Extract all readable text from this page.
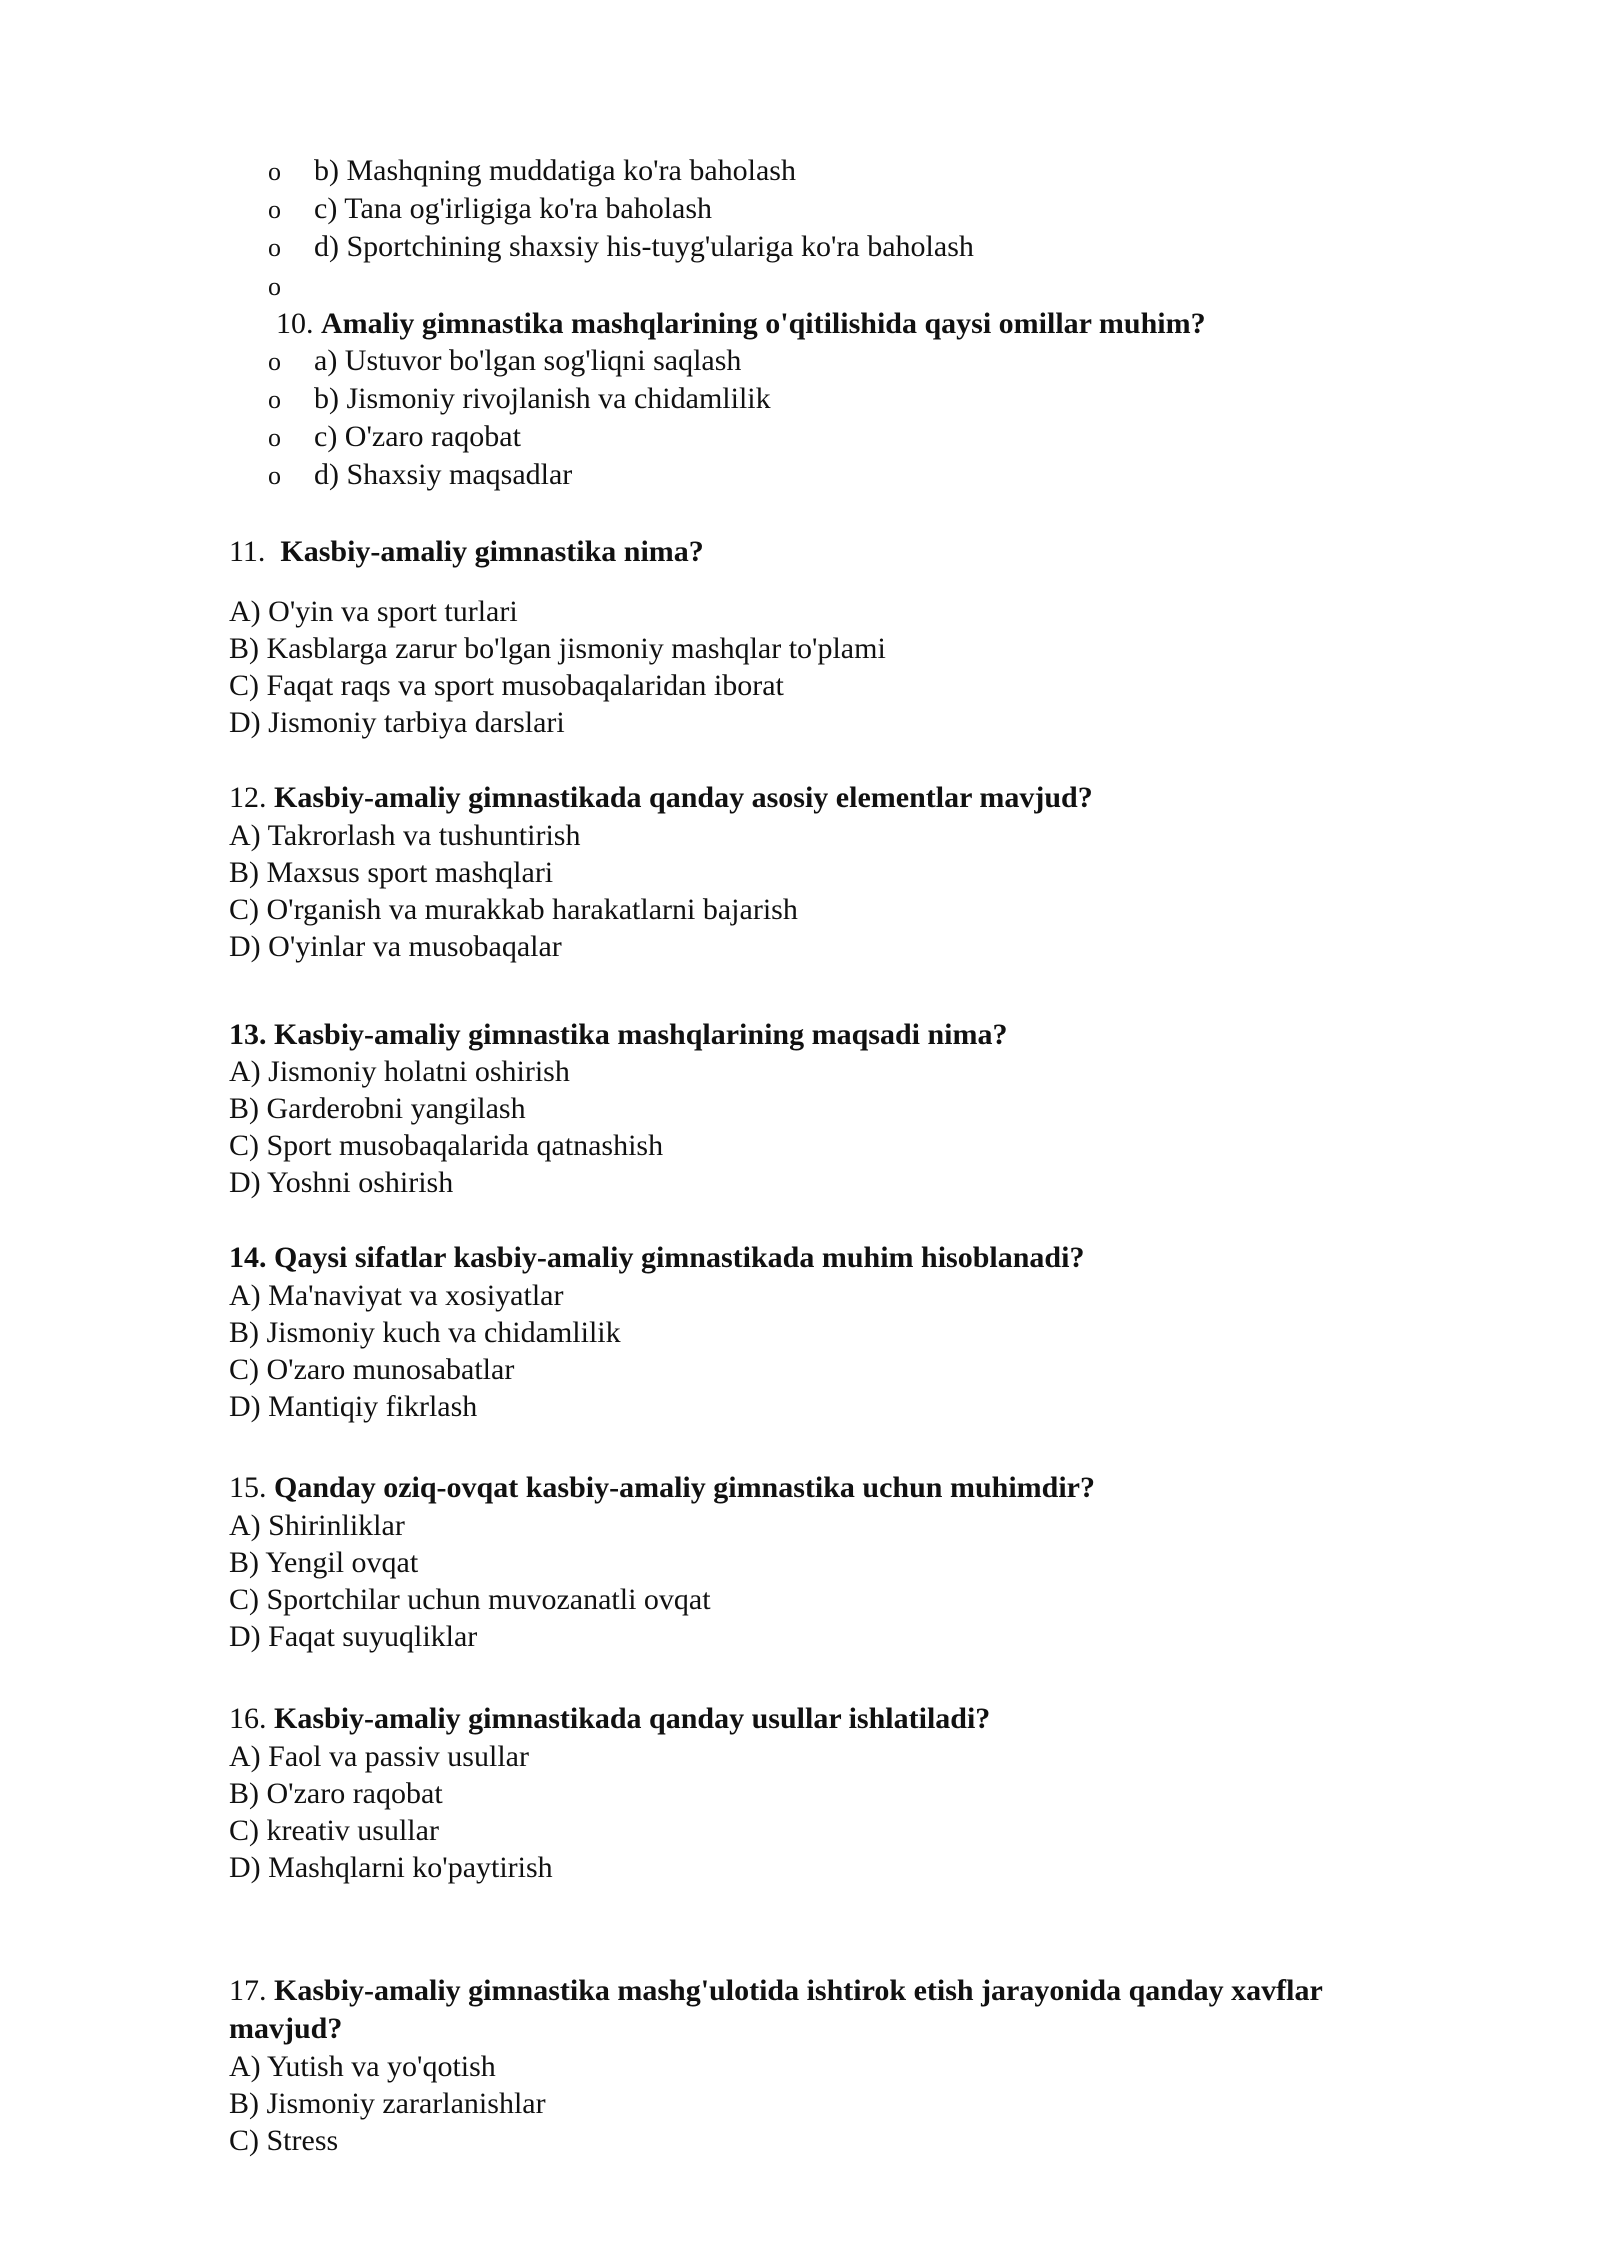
o b) Mashqning muddatiga ko'ra baholash
o c) Tana og'irligiga ko'ra baholash
o d) Sportchining shaxsiy his-tuyg'ulariga ko'ra baholash
o
10. Amaliy gimnastika mashqlarining o'qitilishida qaysi omillar muhim?
o a) Ustuvor bo'lgan sog'liqni saqlash
o b) Jismoniy rivojlanish va chidamlilik
o c) O'zaro raqobat
o d) Shaxsiy maqsadlar
11. Kasbiy-amaliy gimnastika nima?
A) O'yin va sport turlari
B) Kasblarga zarur bo'lgan jismoniy mashqlar to'plami
C) Faqat raqs va sport musobaqalaridan iborat
D) Jismoniy tarbiya darslari
12. Kasbiy-amaliy gimnastikada qanday asosiy elementlar mavjud?
A) Takrorlash va tushuntirish
B) Maxsus sport mashqlari
C) O'rganish va murakkab harakatlarni bajarish
D) O'yinlar va musobaqalar
13. Kasbiy-amaliy gimnastika mashqlarining maqsadi nima?
A) Jismoniy holatni oshirish
B) Garderobni yangilash
C) Sport musobaqalarida qatnashish
D) Yoshni oshirish
14. Qaysi sifatlar kasbiy-amaliy gimnastikada muhim hisoblanadi?
A) Ma'naviyat va xosiyatlar
B) Jismoniy kuch va chidamlilik
C) O'zaro munosabatlar
D) Mantiqiy fikrlash
15. Qanday oziq-ovqat kasbiy-amaliy gimnastika uchun muhimdir?
A) Shirinliklar
B) Yengil ovqat
C) Sportchilar uchun muvozanatli ovqat
D) Faqat suyuqliklar
16. Kasbiy-amaliy gimnastikada qanday usullar ishlatiladi?
A) Faol va passiv usullar
B) O'zaro raqobat
C) kreativ usullar
D) Mashqlarni ko'paytirish
17. Kasbiy-amaliy gimnastika mashg'ulotida ishtirok etish jarayonida qanday xavflar mavjud?
A) Yutish va yo'qotish
B) Jismoniy zararlanishlar
C) Stress
